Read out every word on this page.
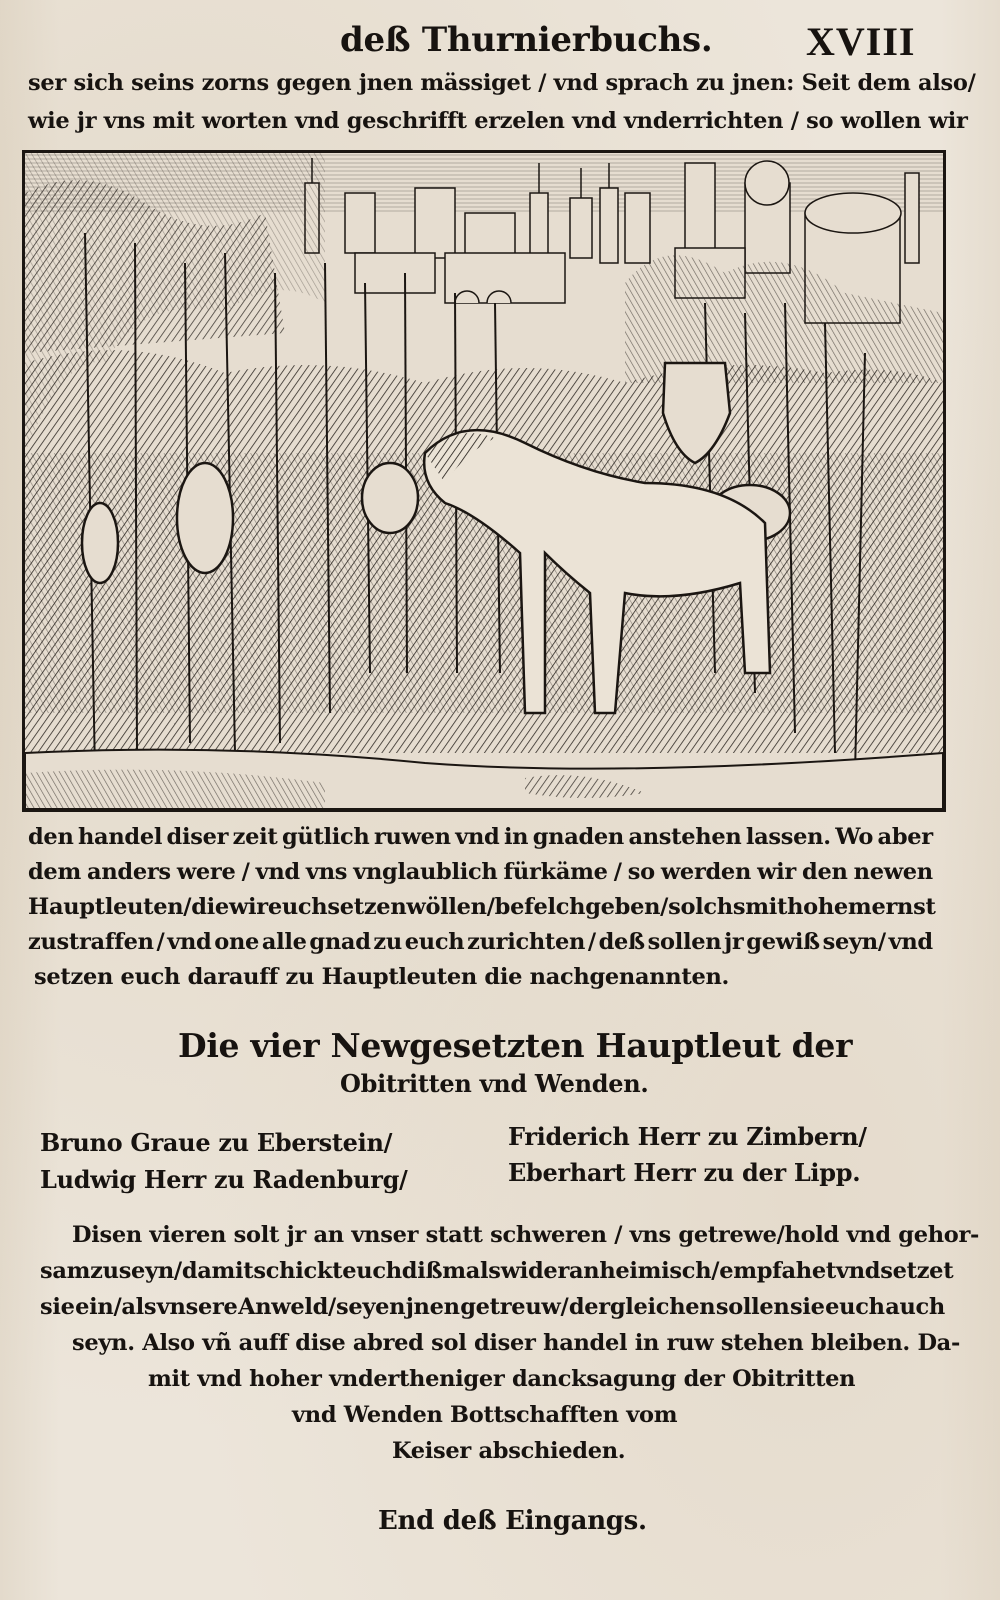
deß Thurnierbuchs. XVIII
ser sich seins zorns gegen jnen mässiget / vnd sprach zu jnen: Seit dem also/
wie jr vns mit worten vnd geschrifft erzelen vnd vnderrichten / so wollen wir
den handel diser zeit gütlich ruwen vnd in gnaden anstehen lassen. Wo aber
dem anders were / vnd vns vnglaublich fürkäme / so werden wir den newen
Hauptleuten/ die wir euch setzen wöllen/befelch geben/ solchs mit hohem ernst
zustraffen / vnd one alle gnad zu euch zurichten / deß sollen jr gewiß seyn/ vnd
setzen euch darauff zu Hauptleuten die nachgenannten.
Die vier Newgesetzten Hauptleut der
Obitritten vnd Wenden.
Bruno Graue zu Eberstein/
Ludwig Herr zu Radenburg/
Friderich Herr zu Zimbern/
Eberhart Herr zu der Lipp.
Disen vieren solt jr an vnser statt schweren / vns getrewe/hold vnd gehor-
sam zuseyn/damit schickt euch dißmals wider anheimisch / empfahet vnd setzet
sie ein/als vnsere Anweld/seyen jnen getreuw/ dergleichen sollen sie euch auch
seyn. Also vñ auff dise abred sol diser handel in ruw stehen bleiben. Da-
mit vnd hoher vndertheniger dancksagung der Obitritten
vnd Wenden Bottschafften vom
Keiser abschieden.
End deß Eingangs.
